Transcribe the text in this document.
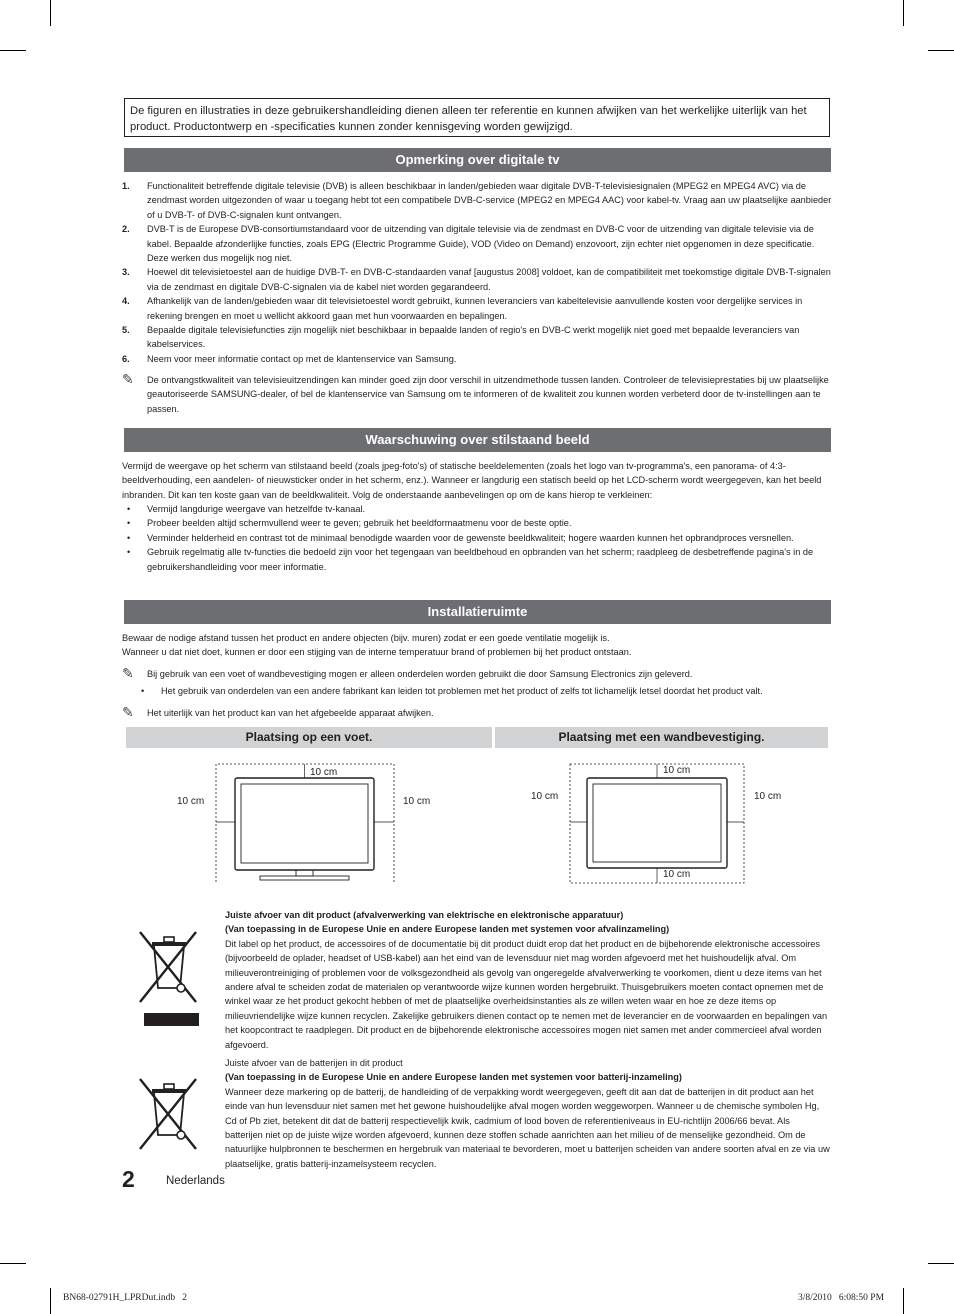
De figuren en illustraties in deze gebruikershandleiding dienen alleen ter referentie en kunnen afwijken van het werkelijke uiterlijk van het product. Productontwerp en -specificaties kunnen zonder kennisgeving worden gewijzigd.
Opmerking over digitale tv
1. Functionaliteit betreffende digitale televisie (DVB) is alleen beschikbaar in landen/gebieden waar digitale DVB-T-televisiesignalen (MPEG2 en MPEG4 AVC) via de zendmast worden uitgezonden of waar u toegang hebt tot een compatibele DVB-C-service (MPEG2 en MPEG4 AAC) voor kabel-tv. Vraag aan uw plaatselijke aanbieder of u DVB-T- of DVB-C-signalen kunt ontvangen.
2. DVB-T is de Europese DVB-consortiumstandaard voor de uitzending van digitale televisie via de zendmast en DVB-C voor de uitzending van digitale televisie via de kabel. Bepaalde afzonderlijke functies, zoals EPG (Electric Programme Guide), VOD (Video on Demand) enzovoort, zijn echter niet opgenomen in deze specificatie. Deze werken dus mogelijk nog niet.
3. Hoewel dit televisietoestel aan de huidige DVB-T- en DVB-C-standaarden vanaf [augustus 2008] voldoet, kan de compatibiliteit met toekomstige digitale DVB-T-signalen via de zendmast en digitale DVB-C-signalen via de kabel niet worden gegarandeerd.
4. Afhankelijk van de landen/gebieden waar dit televisietoestel wordt gebruikt, kunnen leveranciers van kabeltelevisie aanvullende kosten voor dergelijke services in rekening brengen en moet u wellicht akkoord gaan met hun voorwaarden en bepalingen.
5. Bepaalde digitale televisiefuncties zijn mogelijk niet beschikbaar in bepaalde landen of regio's en DVB-C werkt mogelijk niet goed met bepaalde leveranciers van kabelservices.
6. Neem voor meer informatie contact op met de klantenservice van Samsung.
✎ De ontvangstkwaliteit van televisieuitzendingen kan minder goed zijn door verschil in uitzendmethode tussen landen. Controleer de televisieprestaties bij uw plaatselijke geautoriseerde SAMSUNG-dealer, of bel de klantenservice van Samsung om te informeren of de kwaliteit zou kunnen worden verbeterd door de tv-instellingen aan te passen.
Waarschuwing over stilstaand beeld
Vermijd de weergave op het scherm van stilstaand beeld (zoals jpeg-foto's) of statische beeldelementen (zoals het logo van tv-programma's, een panorama- of 4:3-beeldverhouding, een aandelen- of nieuwsticker onder in het scherm, enz.). Wanneer er langdurig een statisch beeld op het LCD-scherm wordt weergegeven, kan het beeld inbranden. Dit kan ten koste gaan van de beeldkwaliteit. Volg de onderstaande aanbevelingen op om de kans hierop te verkleinen:
• Vermijd langdurige weergave van hetzelfde tv-kanaal.
• Probeer beelden altijd schermvullend weer te geven; gebruik het beeldformaatmenu voor de beste optie.
• Verminder helderheid en contrast tot de minimaal benodigde waarden voor de gewenste beeldkwaliteit; hogere waarden kunnen het opbrandproces versnellen.
• Gebruik regelmatig alle tv-functies die bedoeld zijn voor het tegengaan van beeldbehoud en opbranden van het scherm; raadpleeg de desbetreffende pagina's in de gebruikershandleiding voor meer informatie.
Installatieruimte
Bewaar de nodige afstand tussen het product en andere objecten (bijv. muren) zodat er een goede ventilatie mogelijk is.
Wanneer u dat niet doet, kunnen er door een stijging van de interne temperatuur brand of problemen bij het product ontstaan.
✎ Bij gebruik van een voet of wandbevestiging mogen er alleen onderdelen worden gebruikt die door Samsung Electronics zijn geleverd.
• Het gebruik van onderdelen van een andere fabrikant kan leiden tot problemen met het product of zelfs tot lichamelijk letsel doordat het product valt.
✎ Het uiterlijk van het product kan van het afgebeelde apparaat afwijken.
Plaatsing op een voet.	Plaatsing met een wandbevestiging.
10 cm
10 cm	10 cm
10 cm
10 cm
10 cm	10 cm
Juiste afvoer van dit product (afvalverwerking van elektrische en elektronische apparatuur)
(Van toepassing in de Europese Unie en andere Europese landen met systemen voor afvalinzameling)
Dit label op het product, de accessoires of de documentatie bij dit product duidt erop dat het product en de bijbehorende elektronische accessoires (bijvoorbeeld de oplader, headset of USB-kabel) aan het eind van de levensduur niet mag worden afgevoerd met het huishoudelijk afval. Om milieuverontreiniging of problemen voor de volksgezondheid als gevolg van ongeregelde afvalverwerking te voorkomen, dient u deze items van het andere afval te scheiden zodat de materialen op verantwoorde wijze kunnen worden hergebruikt. Thuisgebruikers moeten contact opnemen met de winkel waar ze het product gekocht hebben of met de plaatselijke overheidsinstanties als ze willen weten waar en hoe ze deze items op milieuvriendelijke wijze kunnen recyclen. Zakelijke gebruikers dienen contact op te nemen met de leverancier en de voorwaarden en bepalingen van het koopcontract te raadplegen. Dit product en de bijbehorende elektronische accessoires mogen niet samen met ander commercieel afval worden afgevoerd.
Juiste afvoer van de batterijen in dit product
(Van toepassing in de Europese Unie en andere Europese landen met systemen voor batterij-inzameling)
Wanneer deze markering op de batterij, de handleiding of de verpakking wordt weergegeven, geeft dit aan dat de batterijen in dit product aan het einde van hun levensduur niet samen met het gewone huishoudelijke afval mogen worden weggeworpen. Wanneer u de chemische symbolen Hg, Cd of Pb ziet, betekent dit dat de batterij respectievelijk kwik, cadmium of lood boven de referentieniveaus in EU-richtlijn 2006/66 bevat. Als batterijen niet op de juiste wijze worden afgevoerd, kunnen deze stoffen schade aanrichten aan het milieu of de menselijke gezondheid. Om de natuurlijke hulpbronnen te beschermen en hergebruik van materiaal te bevorderen, moet u batterijen scheiden van andere soorten afval en ze via uw plaatselijke, gratis batterij-inzamelsysteem recyclen.
2	Nederlands
BN68-02791H_LPRDut.indb   2	3/8/2010   6:08:50 PM
